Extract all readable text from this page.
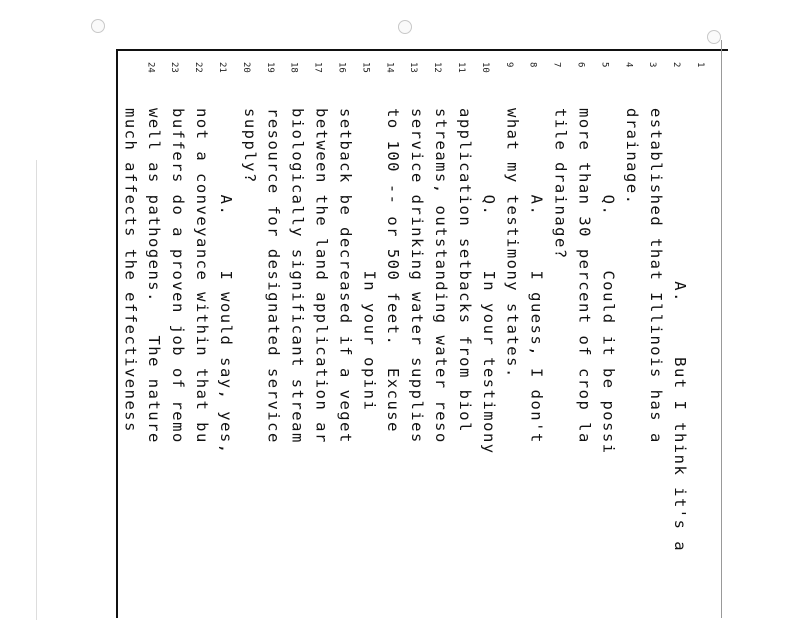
1
A.     But I think it's a
2
established that Illinois has a
3
drainage.
4
Q.     Could it be possi
5
more than 30 percent of crop la
6
tile drainage?
7
A.     I guess, I don't
8
what my testimony states.
9
Q.     In your testimony
10
application setbacks from biol
11
streams, outstanding water reso
12
service drinking water supplies
13
to 100 -- or 500 feet.  Excuse
14
In your opini
15
setback be decreased if a veget
16
between the land application ar
17
biologically significant stream
18
resource for designated service
19
supply?
20
A.     I would say, yes,
21
not a conveyance within that bu
22
buffers do a proven job of remo
23
well as pathogens.   The nature
24
much affects the effectiveness
